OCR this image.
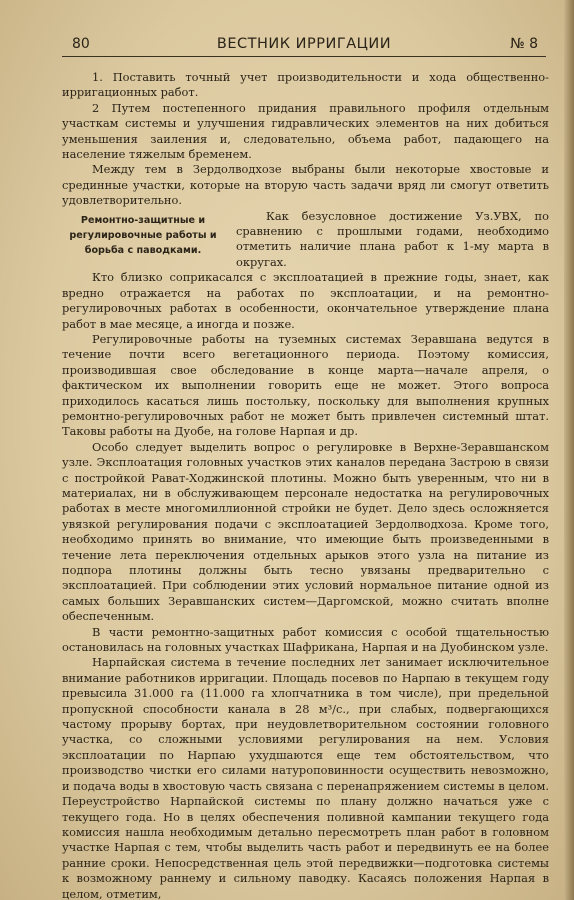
80	ВЕСТНИК ИРРИГАЦИИ	№ 8

1. Поставить точный учет производительности и хода общественно-ирригационных работ.

2 Путем постепенного придания правильного профиля отдельным участкам системы и улучшения гидравлических элементов на них добиться уменьшения заиления и, следовательно, объема работ, падающего на население тяжелым бременем.

Между тем в Зердолводхозе выбраны были некоторые хвостовые и срединные участки, которые на вторую часть задачи вряд ли смогут ответить удовлетворительно.

Ремонтно-защитные и регулировочные работы и борьба с паводками.

Как безусловное достижение Уз.УВХ, по сравнению с прошлыми годами, необходимо отметить наличие плана работ к 1-му марта в округах.

Кто близко соприкасался с эксплоатацией в прежние годы, знает, как вредно отражается на работах по эксплоатации, и на ремонтно-регулировочных работах в особенности, окончательное утверждение плана работ в мае месяце, а иногда и позже.

Регулировочные работы на туземных системах Зеравшана ведутся в течение почти всего вегетационного периода. Поэтому комиссия, производившая свое обследование в конце марта—начале апреля, о фактическом их выполнении говорить еще не может. Этого вопроса приходилось касаться лишь постольку, поскольку для выполнения крупных ремонтно-регулировочных работ не может быть привлечен системный штат. Таковы работы на Дуобе, на голове Нарпая и др.

Особо следует выделить вопрос о регулировке в Верхне-Зеравшанском узле. Эксплоатация головных участков этих каналов передана Застрою в связи с постройкой Рават-Ходжинской плотины. Можно быть уверенным, что ни в материалах, ни в обслуживающем персонале недостатка на регулировочных работах в месте многомиллионной стройки не будет. Дело здесь осложняется увязкой регулирования подачи с эксплоатацией Зердолводхоза. Кроме того, необходимо принять во внимание, что имеющие быть произведенными в течение лета переключения отдельных арыков этого узла на питание из подпора плотины должны быть тесно увязаны предварительно с эксплоатацией. При соблюдении этих условий нормальное питание одной из самых больших Зеравшанских систем—Даргомской, можно считать вполне обеспеченным.

В части ремонтно-защитных работ комиссия с особой тщательностью остановилась на головных участках Шафрикана, Нарпая и на Дуобинском узле.

Нарпайская система в течение последних лет занимает исключительное внимание работников ирригации. Площадь посевов по Нарпаю в текущем году превысила 31.000 га (11.000 га хлопчатника в том числе), при предельной пропускной способности канала в 28 м³/с., при слабых, подвергающихся частому прорыву бортах, при неудовлетворительном состоянии головного участка, со сложными условиями регулирования на нем. Условия эксплоатации по Нарпаю ухудшаются еще тем обстоятельством, что производство чистки его силами натуроповинности осуществить невозможно, и подача воды в хвостовую часть связана с перенапряжением системы в целом. Переустройство Нарпайской системы по плану должно начаться уже с текущего года. Но в целях обеспечения поливной кампании текущего года комиссия нашла необходимым детально пересмотреть план работ в головном участке Нарпая с тем, чтобы выделить часть работ и передвинуть ее на более ранние сроки. Непосредственная цель этой передвижки—подготовка системы к возможному раннему и сильному паводку. Касаясь положения Нарпая в целом, отметим,
